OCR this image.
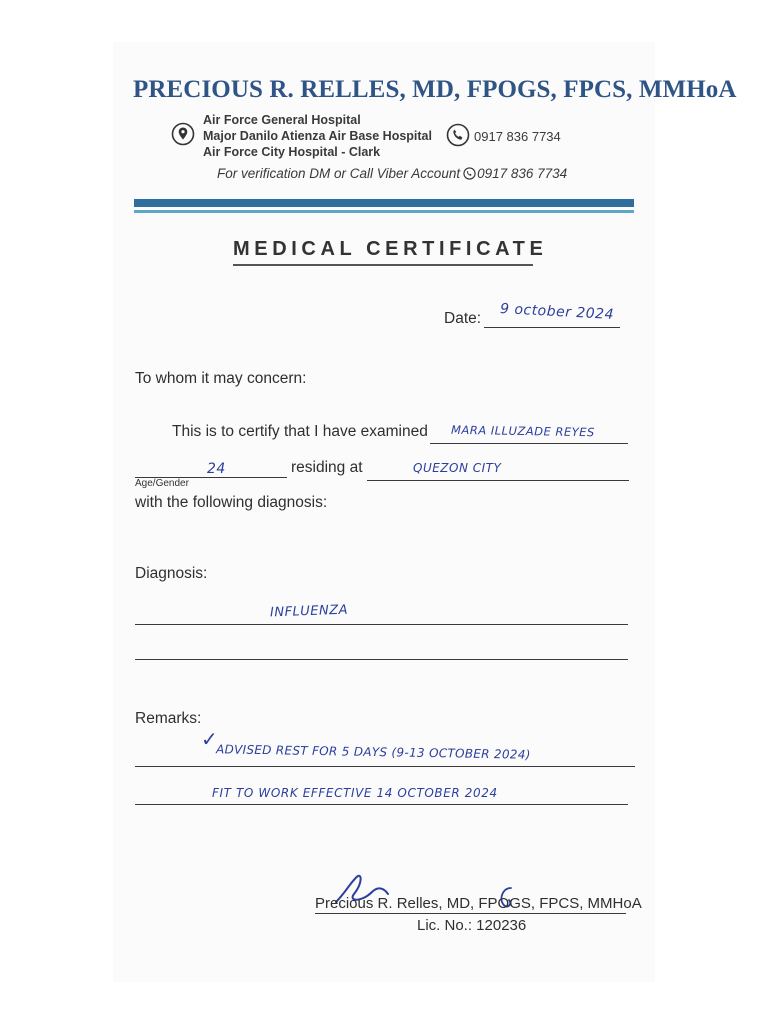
PRECIOUS R. RELLES, MD, FPOGS, FPCS, MMHoA
Air Force General Hospital
Major Danilo Atienza Air Base Hospital
Air Force City Hospital - Clark
0917 836 7734
For verification DM or Call Viber Account 0917 836 7734
MEDICAL CERTIFICATE
Date: 9 october 2024
To whom it may concern:
This is to certify that I have examined MARA ILLUZADE REYES
Age/Gender
24	residing at	QUEZON CITY
with the following diagnosis:
Diagnosis:
INFLUENZA
Remarks:
✓
ADVISED REST FOR 5 DAYS (9-13 OCTOBER 2024)
FIT TO WORK EFFECTIVE 14 OCTOBER 2024
Precious R. Relles, MD, FPOGS, FPCS, MMHoA
Lic. No.: 120236
